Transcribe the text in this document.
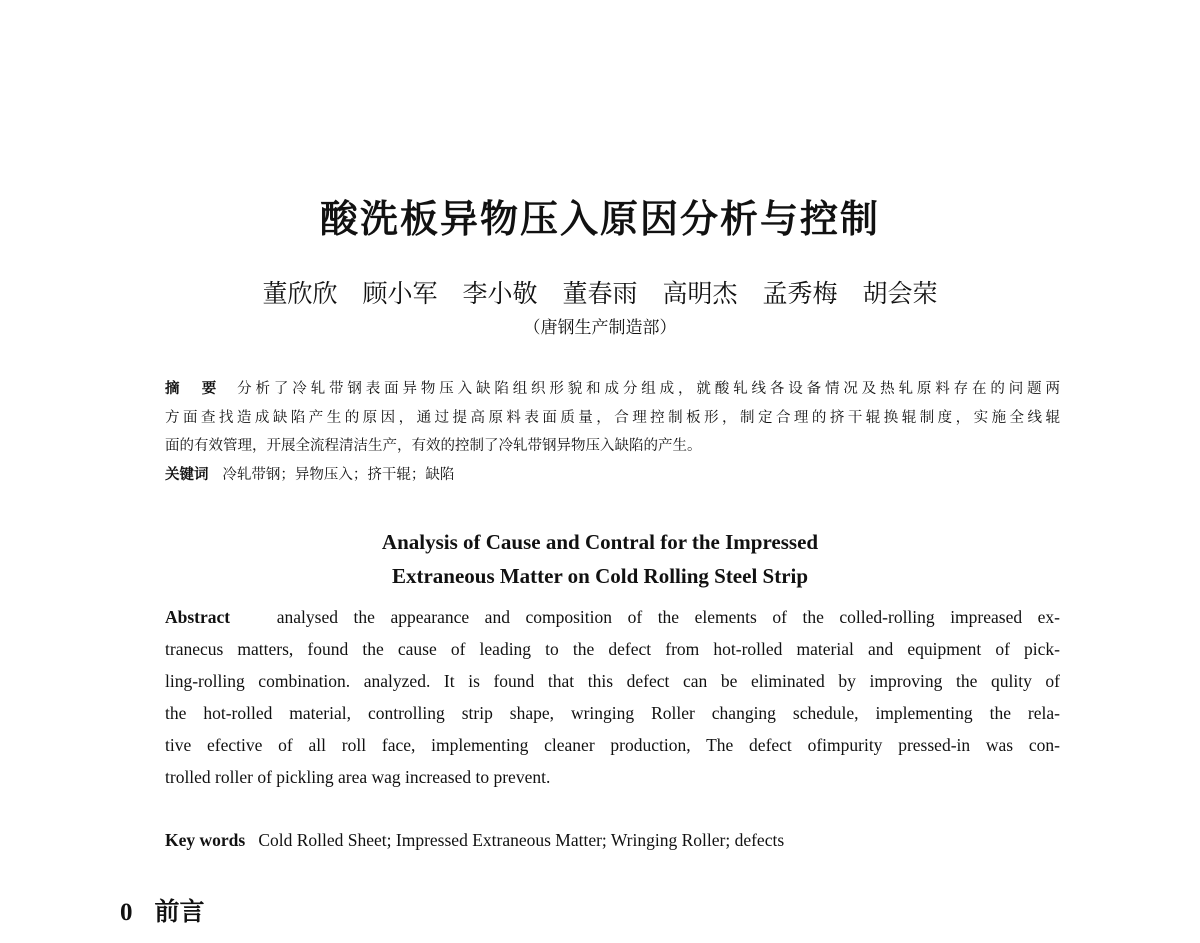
酸洗板异物压入原因分析与控制
董欣欣　顾小军　李小敬　董春雨　高明杰　孟秀梅　胡会荣
（唐钢生产制造部）
摘　要 分析了冷轧带钢表面异物压入缺陷组织形貌和成分组成，就酸轧线各设备情况及热轧原料存在的问题两
方面查找造成缺陷产生的原因，通过提高原料表面质量，合理控制板形，制定合理的挤干辊换辊制度，实施全线辊
面的有效管理，开展全流程清洁生产，有效的控制了冷轧带钢异物压入缺陷的产生。
关键词 冷轧带钢；异物压入；挤干辊；缺陷
Analysis of Cause and Contral for the Impressed
Extraneous Matter on Cold Rolling Steel Strip
Abstract	analysed the appearance and composition of the elements of the colled-rolling impreased ex-
tranecus matters, found the cause of leading to the defect from hot-rolled material and equipment of pick-
ling-rolling combination. analyzed. It is found that this defect can be eliminated by improving the qulity of
the hot-rolled material, controlling strip shape, wringing Roller changing schedule, implementing the rela-
tive efective of all roll face, implementing cleaner production, The defect ofimpurity pressed-in was con-
trolled roller of pickling area wag increased to prevent.
Key words Cold Rolled Sheet; Impressed Extraneous Matter; Wringing Roller; defects
0 前言
